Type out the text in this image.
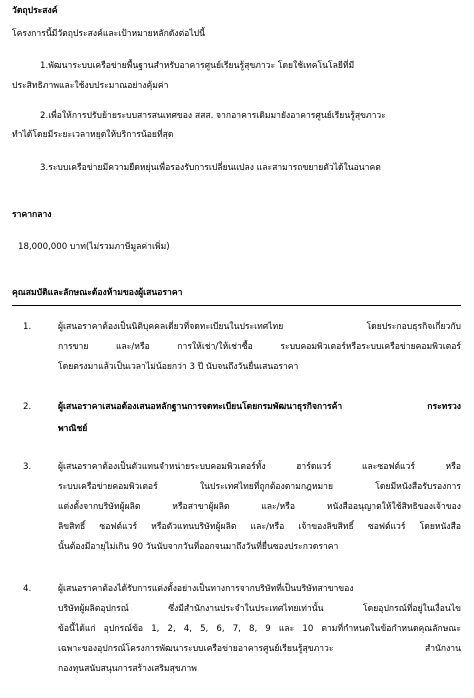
วัตถุประสงค์
โครงการนี้มีวัตถุประสงค์และเป้าหมายหลักดังต่อไปนี้
1.พัฒนาระบบเครือข่ายพื้นฐานสำหรับอาคารศูนย์เรียนรู้สุขภาวะ โดยใช้เทคโนโลยีที่มี
ประสิทธิภาพและใช้งบประมาณอย่างคุ้มค่า
2.เพื่อให้การปรับย้ายระบบสารสนเทศของ สสส. จากอาคารเดิมมายังอาคารศูนย์เรียนรู้สุขภาวะ
ทำได้โดยมีระยะเวลาหยุดให้บริการน้อยที่สุด
3.ระบบเครือข่ายมีความยืดหยุ่นเพื่อรองรับการเปลี่ยนแปลง และสามารถขยายตัวได้ในอนาคต
ราคากลาง
18,000,000 บาท(ไม่รวมภาษีมูลค่าเพิ่ม)
คุณสมบัติและลักษณะต้องห้ามของผู้เสนอราคา
1.	ผู้เสนอราคาต้องเป็นนิติบุคคลเดี่ยวที่จดทะเบียนในประเทศไทย โดยประกอบธุรกิจเกี่ยวกับ
การขาย และ/หรือ การให้เช่า/ให้เช่าซื้อ ระบบคอมพิวเตอร์หรือระบบเครือข่ายคอมพิวเตอร์
โดยตรงมาแล้วเป็นเวลาไม่น้อยกว่า 3 ปี นับจนถึงวันยื่นเสนอราคา
2.	ผู้เสนอราคาเสนอต้องเสนอหลักฐานการจดทะเบียนโดยกรมพัฒนาธุรกิจการค้า กระทรวง
พาณิชย์
3.	ผู้เสนอราคาต้องเป็นตัวแทนจำหน่ายระบบคอมพิวเตอร์ทั้ง ฮาร์ดแวร์ และซอฟต์แวร์ หรือ
ระบบเครือข่ายคอมพิวเตอร์ ในประเทศไทยที่ถูกต้องตามกฎหมาย โดยมีหนังสือรับรองการ
แต่งตั้งจากบริษัทผู้ผลิต หรือสาขาผู้ผลิต และ/หรือ หนังสืออนุญาตให้ใช้สิทธิของเจ้าของ
ลิขสิทธิ์ ซอฟต์แวร์ หรือตัวแทนบริษัทผู้ผลิต และ/หรือ เจ้าของลิขสิทธิ์ ซอฟต์แวร์ โดยหนังสือ
นั้นต้องมีอายุไม่เกิน 90 วันนับจากวันที่ออกจนมาถึงวันที่ยื่นซองประกวดราคา
4.	ผู้เสนอราคาต้องได้รับการแต่งตั้งอย่างเป็นทางการจากบริษัทที่เป็นบริษัทสาขาของ
บริษัทผู้ผลิตอุปกรณ์ ซึ่งมีสำนักงานประจำในประเทศไทยเท่านั้น โดยอุปกรณ์ที่อยู่ในเงื่อนไข
ข้อนี้ได้แก่ อุปกรณ์ข้อ 1, 2, 4, 5, 6, 7, 8, 9 และ 10 ตามที่กำหนดในข้อกำหนดคุณลักษณะ
เฉพาะของอุปกรณ์โครงการพัฒนาระบบเครือข่ายอาคารศูนย์เรียนรู้สุขภาวะ สำนักงาน
กองทุนสนับสนุนการสร้างเสริมสุขภาพ
